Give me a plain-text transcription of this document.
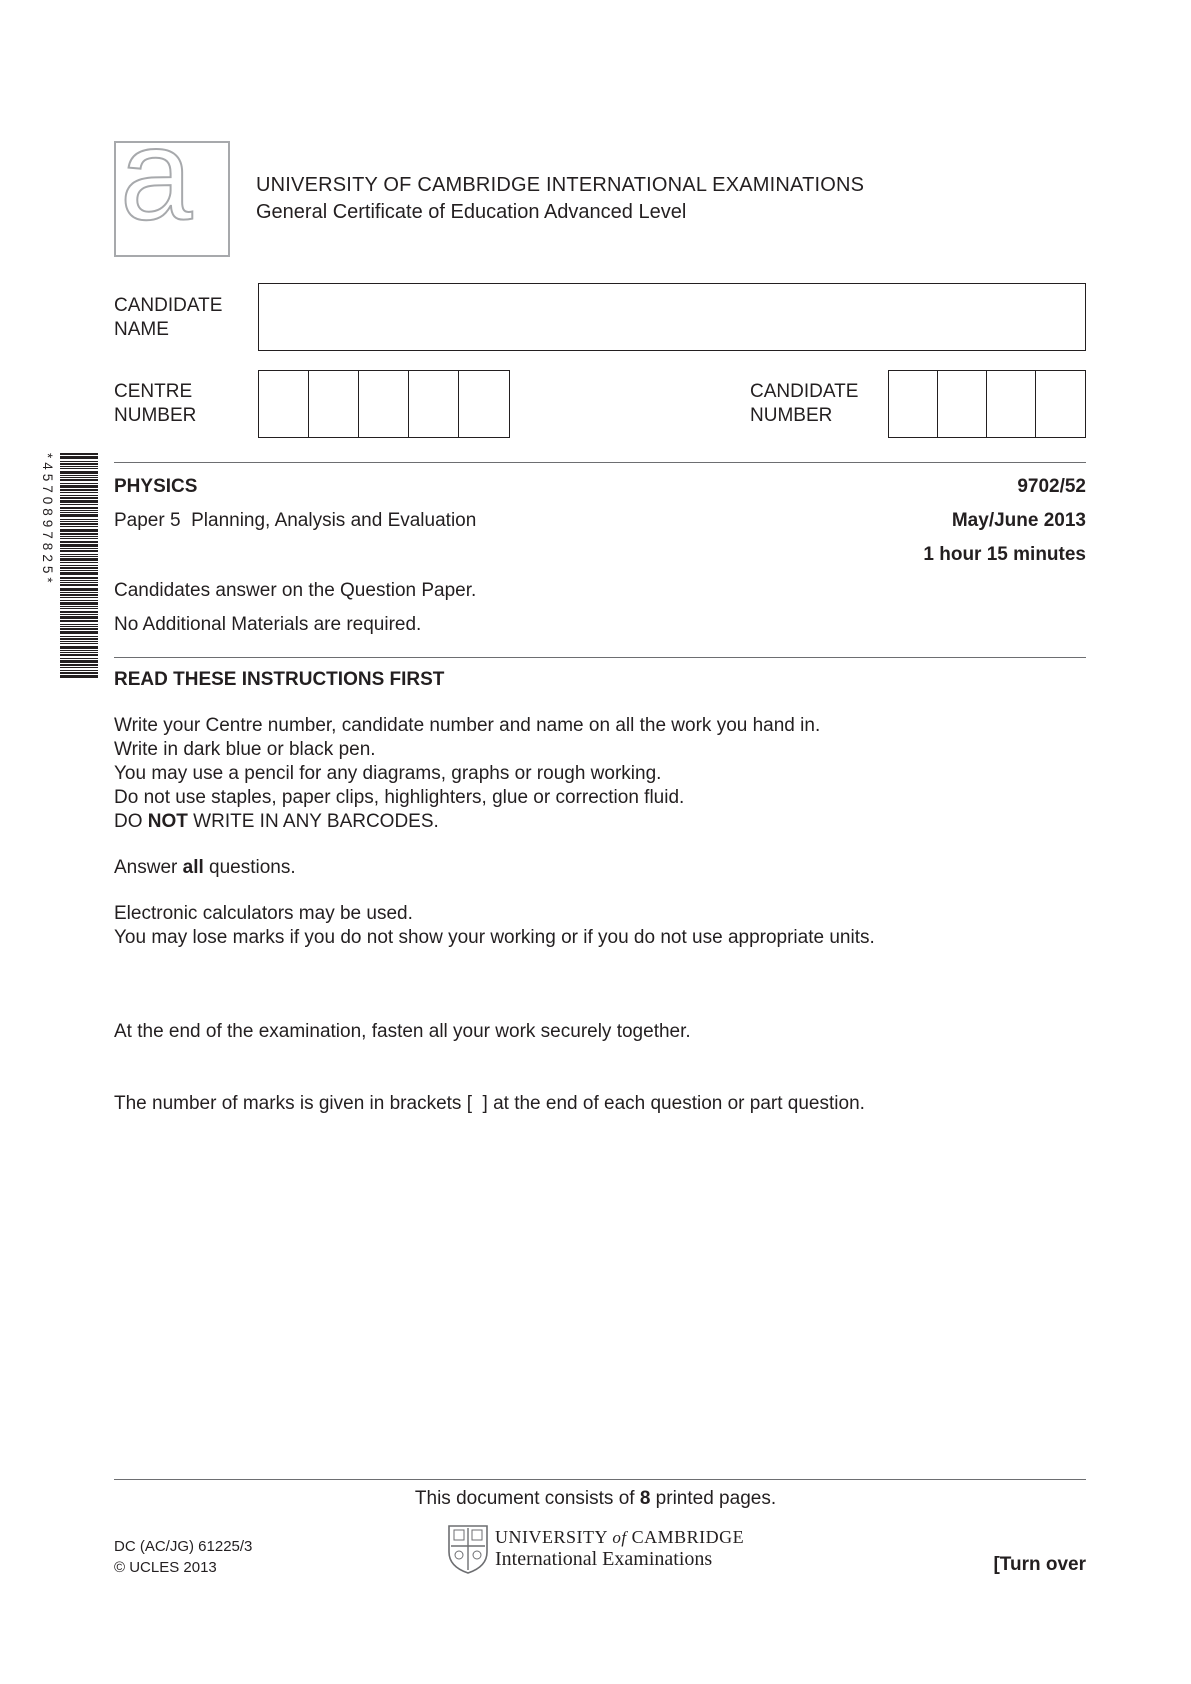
a	UNIVERSITY OF CAMBRIDGE INTERNATIONAL EXAMINATIONS
General Certificate of Education Advanced Level
CANDIDATE
NAME
CENTRE
NUMBER
CANDIDATE
NUMBER
*4570897825*	PHYSICS	9702/52
Paper 5  Planning, Analysis and Evaluation	May/June 2013
1 hour 15 minutes
Candidates answer on the Question Paper.
No Additional Materials are required.
READ THESE INSTRUCTIONS FIRST
Write your Centre number, candidate number and name on all the work you hand in.
Write in dark blue or black pen.
You may use a pencil for any diagrams, graphs or rough working.
Do not use staples, paper clips, highlighters, glue or correction fluid.
DO NOT WRITE IN ANY BARCODES.
Answer all questions.
Electronic calculators may be used.
You may lose marks if you do not show your working or if you do not use appropriate units.

At the end of the examination, fasten all your work securely together.

The number of marks is given in brackets [  ] at the end of each question or part question.

This document consists of 8 printed pages.
DC (AC/JG) 61225/3
© UCLES 2013
UNIVERSITY of CAMBRIDGE
International Examinations	[Turn over
